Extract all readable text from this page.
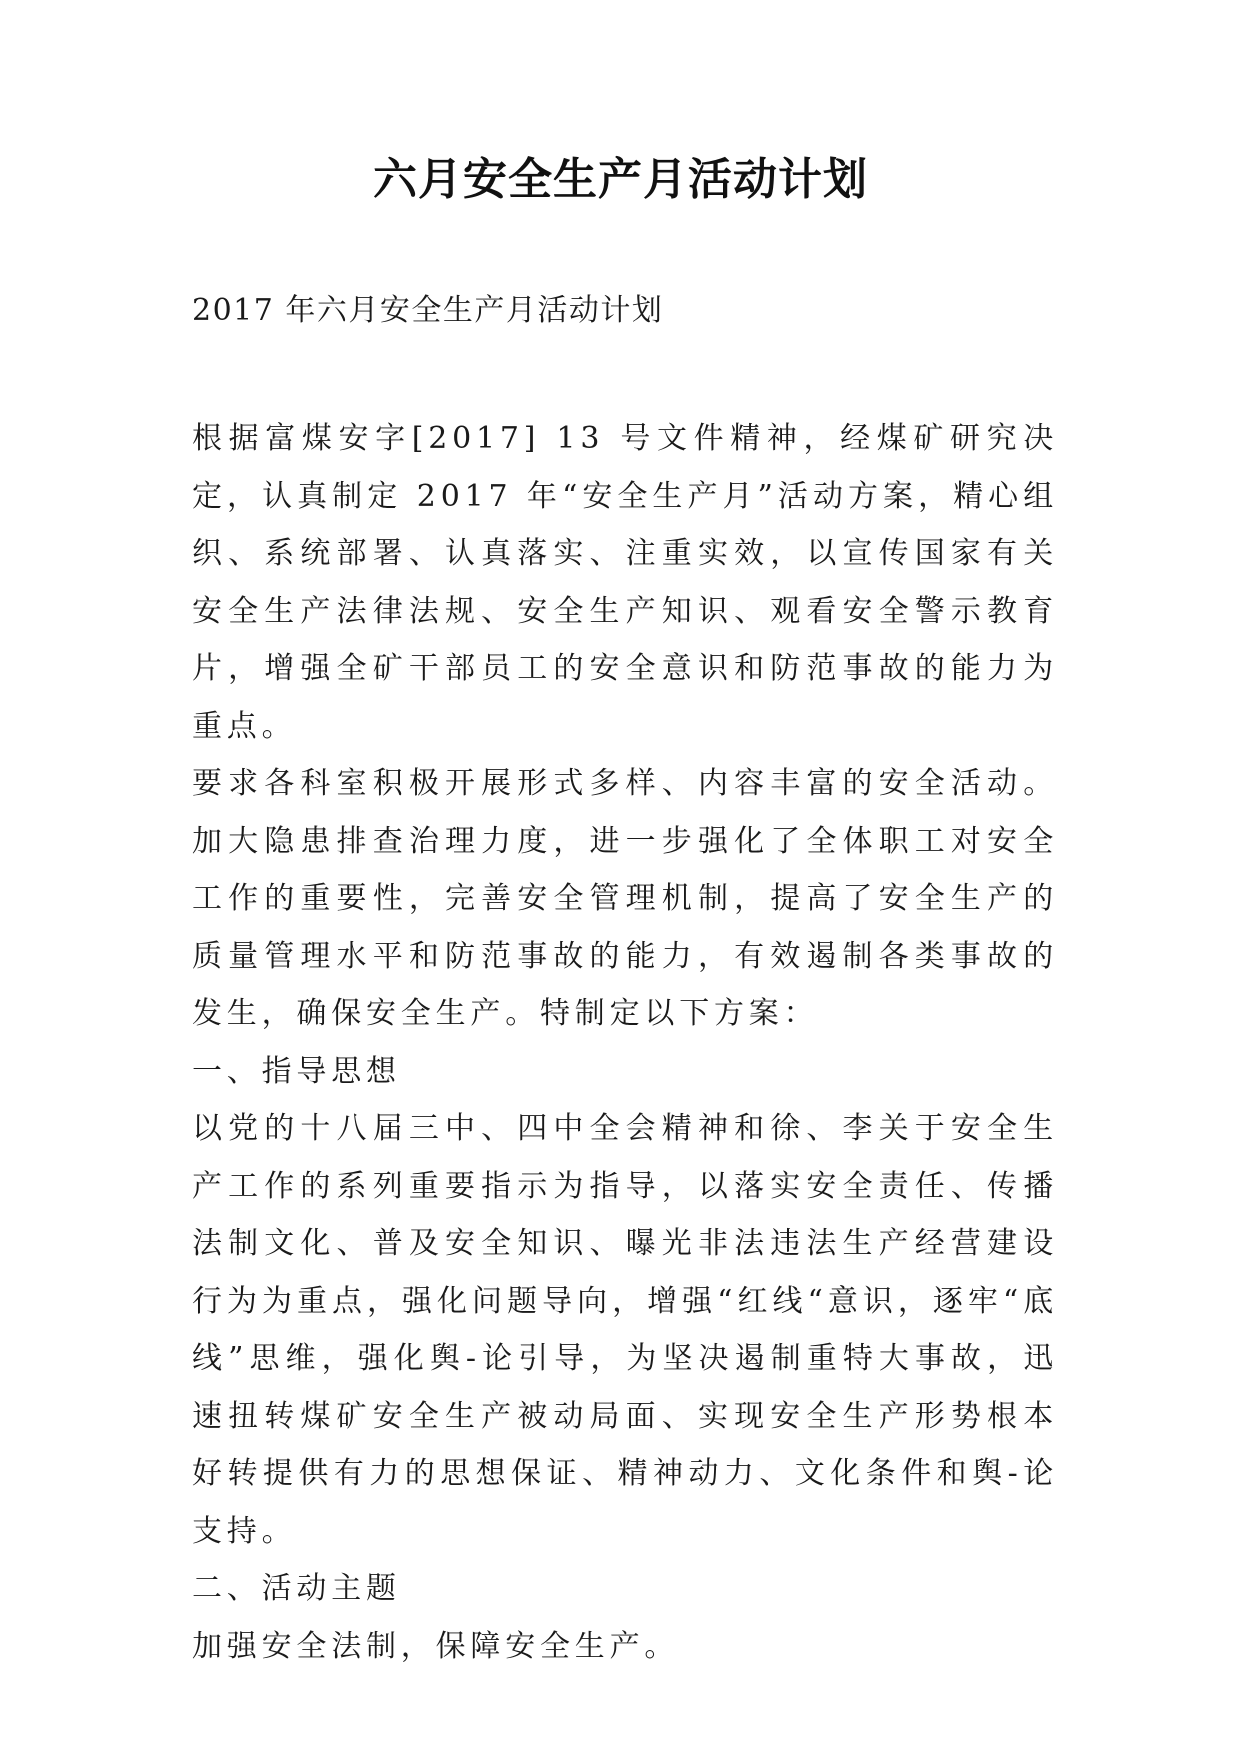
六月安全生产月活动计划
2017 年六月安全生产月活动计划

根据富煤安字[2017] 13 号文件精神，经煤矿研究决定，认真制定 2017 年“安全生产月”活动方案，精心组织、系统部署、认真落实、注重实效，以宣传国家有关安全生产法律法规、安全生产知识、观看安全警示教育片，增强全矿干部员工的安全意识和防范事故的能力为重点。

要求各科室积极开展形式多样、内容丰富的安全活动。加大隐患排查治理力度，进一步强化了全体职工对安全工作的重要性，完善安全管理机制，提高了安全生产的质量管理水平和防范事故的能力，有效遏制各类事故的发生，确保安全生产。特制定以下方案：

一、指导思想

以党的十八届三中、四中全会精神和徐、李关于安全生产工作的系列重要指示为指导，以落实安全责任、传播法制文化、普及安全知识、曝光非法违法生产经营建设行为为重点，强化问题导向，增强“红线“意识，逐牢“底线”思维，强化舆-论引导，为坚决遏制重特大事故，迅速扭转煤矿安全生产被动局面、实现安全生产形势根本好转提供有力的思想保证、精神动力、文化条件和舆-论支持。

二、活动主题

加强安全法制，保障安全生产。
